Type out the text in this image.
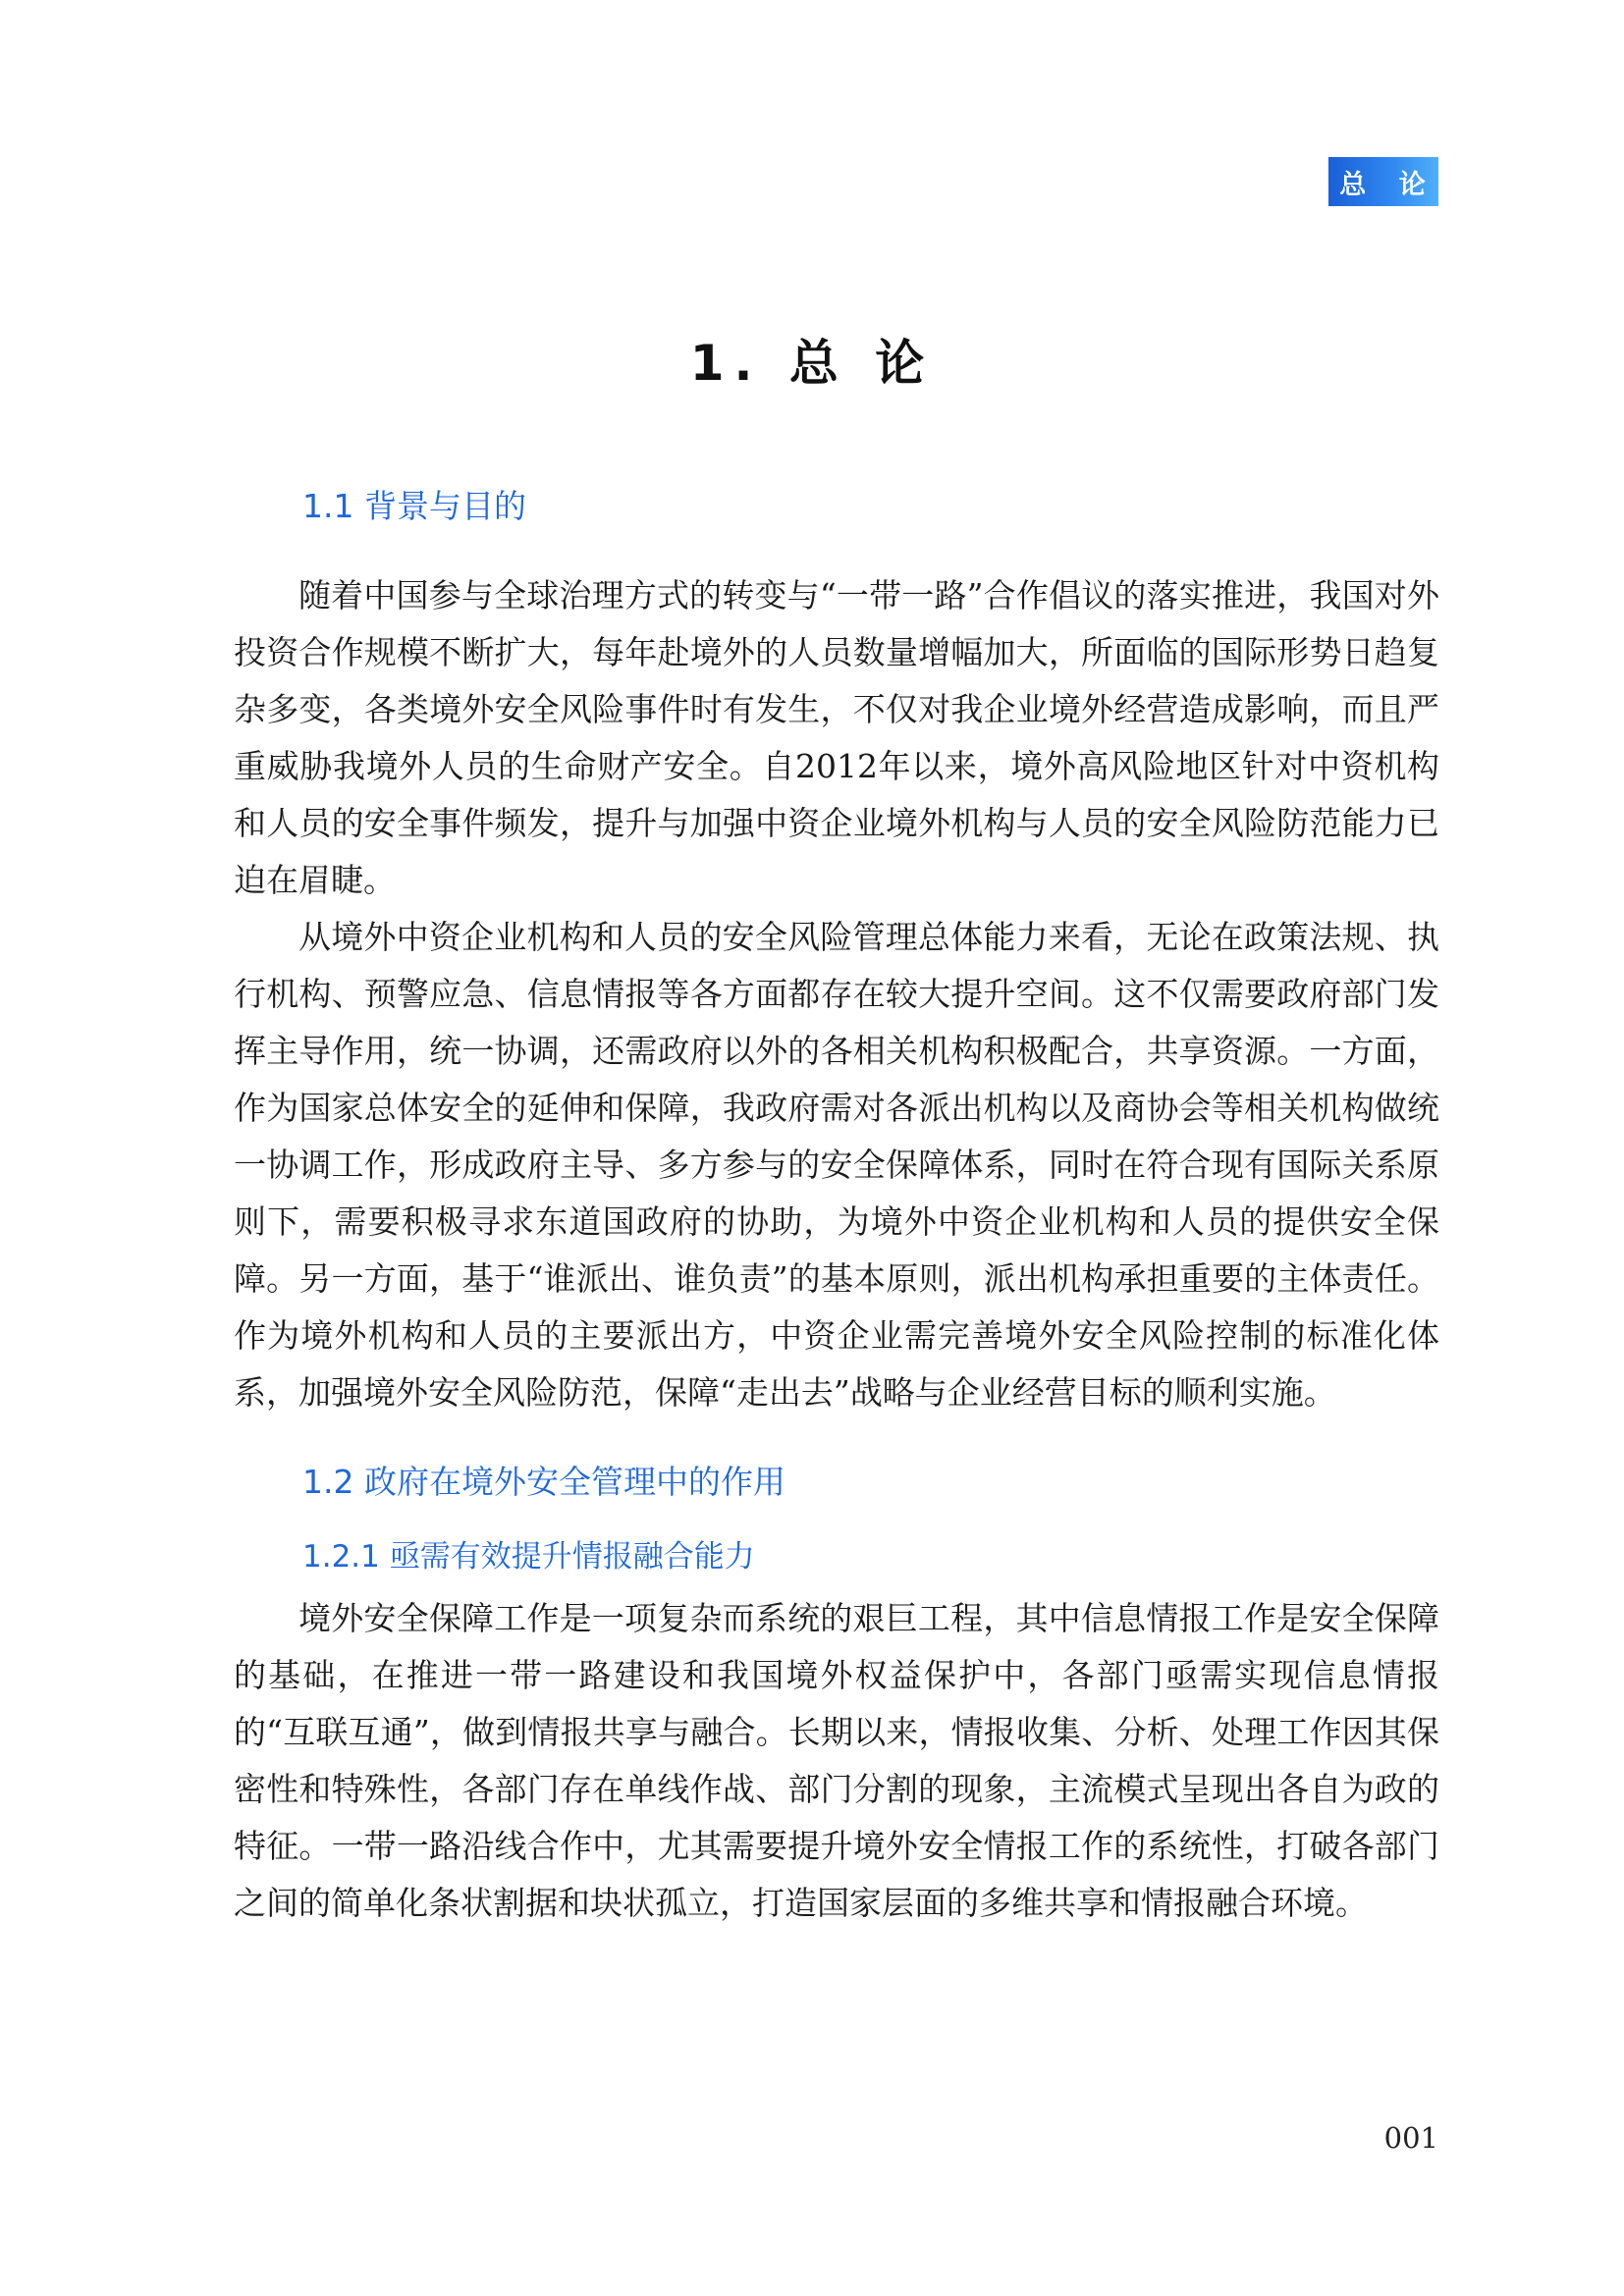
总 论
1. 总 论
1.1 背景与目的

随着中国参与全球治理方式的转变与“一带一路”合作倡议的落实推进，我国对外投资合作规模不断扩大，每年赴境外的人员数量增幅加大，所面临的国际形势日趋复杂多变，各类境外安全风险事件时有发生，不仅对我企业境外经营造成影响，而且严重威胁我境外人员的生命财产安全。自2012年以来，境外高风险地区针对中资机构和人员的安全事件频发，提升与加强中资企业境外机构与人员的安全风险防范能力已迫在眉睫。

从境外中资企业机构和人员的安全风险管理总体能力来看，无论在政策法规、执行机构、预警应急、信息情报等各方面都存在较大提升空间。这不仅需要政府部门发挥主导作用，统一协调，还需政府以外的各相关机构积极配合，共享资源。一方面，作为国家总体安全的延伸和保障，我政府需对各派出机构以及商协会等相关机构做统一协调工作，形成政府主导、多方参与的安全保障体系，同时在符合现有国际关系原则下，需要积极寻求东道国政府的协助，为境外中资企业机构和人员的提供安全保障。另一方面，基于“谁派出、谁负责”的基本原则，派出机构承担重要的主体责任。作为境外机构和人员的主要派出方，中资企业需完善境外安全风险控制的标准化体系，加强境外安全风险防范，保障“走出去”战略与企业经营目标的顺利实施。

1.2 政府在境外安全管理中的作用
1.2.1 亟需有效提升情报融合能力

境外安全保障工作是一项复杂而系统的艰巨工程，其中信息情报工作是安全保障的基础，在推进一带一路建设和我国境外权益保护中，各部门亟需实现信息情报的“互联互通”，做到情报共享与融合。长期以来，情报收集、分析、处理工作因其保密性和特殊性，各部门存在单线作战、部门分割的现象，主流模式呈现出各自为政的特征。一带一路沿线合作中，尤其需要提升境外安全情报工作的系统性，打破各部门之间的简单化条状割据和块状孤立，打造国家层面的多维共享和情报融合环境。

001
